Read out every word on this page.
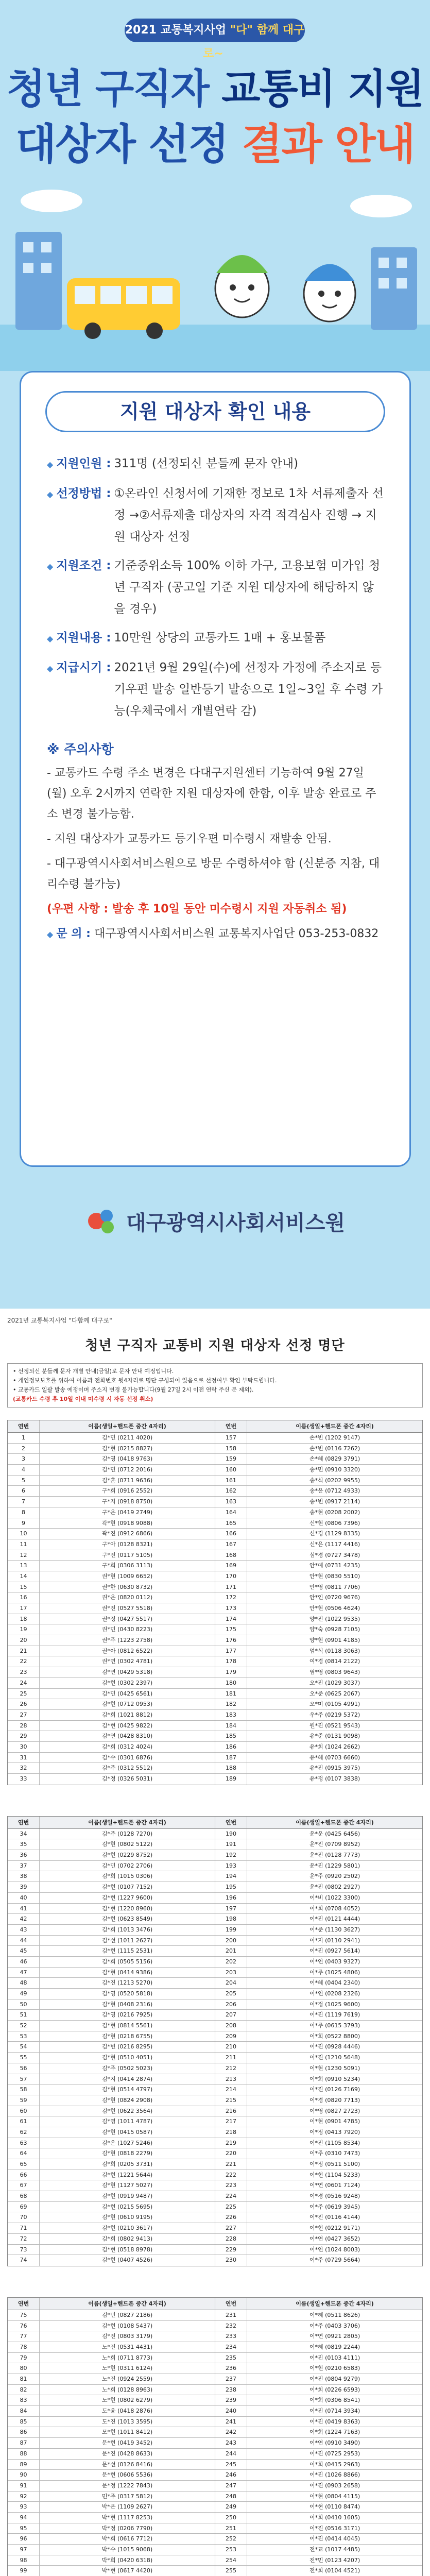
2021 교통복지사업 "다" 함께 대구로~
청년 구직자 교통비 지원
대상자 선정 결과 안내
지원 대상자 확인 내용
◆ 지원인원 : 311명 (선정되신 분들께 문자 안내)
◆ 선정방법 : ①온라인 신청서에 기재한 정보로 1차 서류제출자 선정 →②서류제출 대상자의 자격 적격심사 진행 → 지원 대상자 선정
◆ 지원조건 : 기준중위소득 100% 이하 가구, 고용보험 미가입 청년 구직자 (공고일 기준 지원 대상자에 해당하지 않을 경우)
◆ 지원내용 : 10만원 상당의 교통카드 1매 + 홍보물품
◆ 지급시기 : 2021년 9월 29일(수)에 선정자 가정에 주소지로 등기우편 발송 일반등기 발송으로 1일~3일 후 수령 가능(우체국에서 개별연락 감)
※ 주의사항

- 교통카드 수령 주소 변경은 다대구지원센터 기능하여 9월 27일(월) 오후 2시까지 연락한 지원 대상자에 한함, 이후 발송 완료로 주소 변경 불가능함.

- 지원 대상자가 교통카드 등기우편 미수령시 재발송 안됨.

- 대구광역시사회서비스원으로 방문 수령하셔야 함 (신분증 지참, 대리수령 불가능)

(우편 사항 : 발송 후 10일 동안 미수령시 지원 자동취소 됨)

◆ 문 의 : 대구광역시사회서비스원 교통복지사업단 053-253-0832

대구광역시사회서비스원
2021년 교통복지사업 "다함께 대구로"
청년 구직자 교통비 지원 대상자 선정 명단
• 선정되신 분들께 문자 개별 안내(금일)로 문자 안내 예정입니다.
• 개인정보보호를 위하여 이름과 전화번호 뒷4자리로 명단 구성되어 있음으로 선정여부 확인 부탁드립니다.
• 교통카드 일괄 발송 예정이며 주소지 변경 불가능합니다(9월 27일 2시 이전 연락 주신 분 제외).
(교통카드 수령 후 10일 이내 미수령 시 자동 선정 취소)
연번	이름(생일+핸드폰 중간 4자리)
1	김*민 (0211 4020)
2	김*현 (0215 8827)
3	김*영 (0418 9763)
4	김*민 (0712 2016)
5	김*훈 (0711 9636)
6	구*희 (0916 2552)
7	구*지 (0918 8750)
8	구*은 (0419 2749)
9	곽*현 (0918 9088)
10	곽*진 (0912 6866)
11	구*아 (0128 8321)
12	구*진 (0117 5105)
13	구*희 (0306 3113)
14	권*현 (1009 6652)
15	권*한 (0630 8732)
16	권*은 (0820 0112)
17	권*진 (0527 5518)
18	권*정 (0427 5517)
19	권*민 (0430 8223)
20	권*주 (1223 2758)
21	권*아 (0812 6522)
22	권*연 (0302 4781)
23	김*연 (0429 5318)
24	김*현 (0302 2397)
25	김*민 (0425 6561)
26	김*현 (0712 0953)
27	김*희 (1021 8812)
28	김*현 (0425 9822)
29	김*연 (0428 8310)
30	김*희 (0312 4024)
31	김*수 (0301 6876)
32	김*주 (0312 5512)
33	김*정 (0326 5031)
연번	이름(생일+핸드폰 중간 4자리)
157	손*빈 (1202 9147)
158	손*빈 (0116 7262)
159	손*혜 (0829 3791)
160	송*민 (0910 3320)
161	송*식 (0202 9955)
162	송*윤 (0712 4933)
163	송*빈 (0917 2114)
164	송*현 (0208 2002)
165	신*현 (0806 7396)
166	신*경 (1129 8335)
167	신*은 (1117 4416)
168	심*경 (0727 3478)
169	안*예 (0731 4235)
170	안*현 (0830 5510)
171	안*영 (0811 7706)
172	안*인 (0720 9676)
173	안*현 (0506 4624)
174	양*진 (1022 9535)
175	양*숙 (0928 7105)
176	양*현 (0901 4185)
177	엄*식 (0118 3063)
178	여*경 (0814 2122)
179	염*영 (0803 9643)
180	오*진 (1029 3037)
181	오*준 (0625 2067)
182	오*미 (0105 4991)
183	우*주 (0219 5372)
184	원*진 (0521 9543)
185	유*준 (0131 9098)
186	유*희 (1024 2662)
187	유*혜 (0703 6660)
188	유*진 (0915 3975)
189	유*정 (0107 3838)
연번	이름(생일+핸드폰 중간 4자리)
34	김*주 (0128 7270)
35	김*현 (0802 5122)
36	김*현 (0229 8752)
37	김*민 (0702 2706)
38	김*희 (1015 0306)
39	김*현 (0107 7152)
40	김*현 (1227 9600)
41	김*현 (1220 8960)
42	김*현 (0623 8549)
43	김*희 (1013 3476)
44	김*선 (1011 2627)
45	김*현 (1115 2531)
46	김*희 (0505 5156)
47	김*현 (0414 9386)
48	김*진 (1213 5270)
49	김*영 (0520 5818)
50	김*현 (0408 2316)
51	김*영 (0216 7925)
52	김*현 (0814 5561)
53	김*현 (0218 6755)
54	김*빈 (0216 8295)
55	김*현 (0510 4051)
56	김*주 (0502 5023)
57	김*지 (0414 2874)
58	김*현 (0514 4797)
59	김*현 (0824 2908)
60	김*현 (0622 3564)
61	김*영 (1011 4787)
62	김*현 (0415 0587)
63	김*은 (1027 5246)
64	김*현 (0818 2279)
65	김*희 (0205 3731)
66	김*현 (1221 5644)
67	김*현 (1127 5027)
68	김*현 (0919 9487)
69	김*현 (0215 5695)
70	김*현 (0610 9195)
71	김*현 (0210 3617)
72	김*희 (0802 9413)
73	김*현 (0518 8978)
74	김*현 (0407 4526)
연번	이름(생일+핸드폰 중간 4자리)
190	윤*운 (0425 6456)
191	윤*진 (0709 8952)
192	윤*진 (0128 7773)
193	윤*진 (1229 5801)
194	윤*주 (0920 2502)
195	윤*진 (0802 2927)
196	이*비 (1022 3300)
197	이*희 (0708 4052)
198	이*진 (0121 4444)
199	이*준 (1130 3627)
200	이*지 (0110 2941)
201	이*진 (0927 5614)
202	이*연 (0403 9327)
203	이*주 (1025 4806)
204	이*혜 (0404 2340)
205	이*연 (0208 2326)
206	이*정 (1025 9600)
207	이*진 (1119 7619)
208	이*주 (0615 3793)
209	이*희 (0522 8800)
210	이*진 (0928 4446)
211	이*진 (1210 5648)
212	이*현 (1230 5091)
213	이*희 (0910 5234)
214	이*진 (0126 7169)
215	이*경 (0820 7713)
216	이*영 (0827 2723)
217	이*현 (0901 4785)
218	이*정 (0413 7920)
219	이*진 (1105 8534)
220	이*주 (0310 7473)
221	이*정 (0511 5100)
222	이*현 (1104 5233)
223	이*연 (0601 7124)
224	이*경 (0516 9248)
225	이*주 (0619 3945)
226	이*진 (0116 4144)
227	이*현 (0212 9171)
228	이*연 (0427 3652)
229	이*연 (1024 8003)
230	이*주 (0729 5664)
연번	이름(생일+핸드폰 중간 4자리)
75	김*민 (0827 2186)
76	김*현 (0108 5437)
77	김*진 (0803 3179)
78	노*진 (0531 4431)
79	노*희 (0711 8773)
80	노*현 (0311 6124)
81	노*진 (0924 2559)
82	노*희 (0128 8963)
83	노*현 (0802 6279)
84	도*윤 (0418 2876)
85	도*진 (1013 3595)
86	모*현 (1011 8412)
87	문*현 (0419 3452)
88	문*진 (0428 8633)
89	문*선 (0126 8416)
90	문*현 (0606 5536)
91	문*정 (1222 7843)
92	민*주 (0317 5812)
93	박*은 (1109 2627)
94	박*현 (1117 8253)
95	박*정 (0206 7790)
96	박*희 (0616 7712)
97	박*수 (1015 9068)
98	박*희 (0420 6318)
99	박*현 (0617 4420)
연번	이름(생일+핸드폰 중간 4자리)
231	이*혜 (0511 8626)
232	이*주 (0403 3706)
233	이*연 (0921 2805)
234	이*혜 (0819 2244)
235	이*진 (0103 4111)
236	이*현 (0210 6583)
237	이*진 (0804 9279)
238	이*희 (0226 6593)
239	이*희 (0306 8541)
240	이*진 (0714 3934)
241	이*진 (0419 8363)
242	이*희 (1224 7163)
243	이*연 (0910 3490)
244	이*진 (0725 2953)
245	이*희 (0415 2963)
246	이*진 (1026 8866)
247	이*진 (0903 2658)
248	이*현 (0804 4115)
249	이*현 (0110 8474)
250	이*희 (0410 1605)
251	이*진 (0516 3171)
252	이*진 (0414 4045)
253	전*교 (1017 4485)
254	전*민 (0123 4207)
255	전*희 (0104 4521)
